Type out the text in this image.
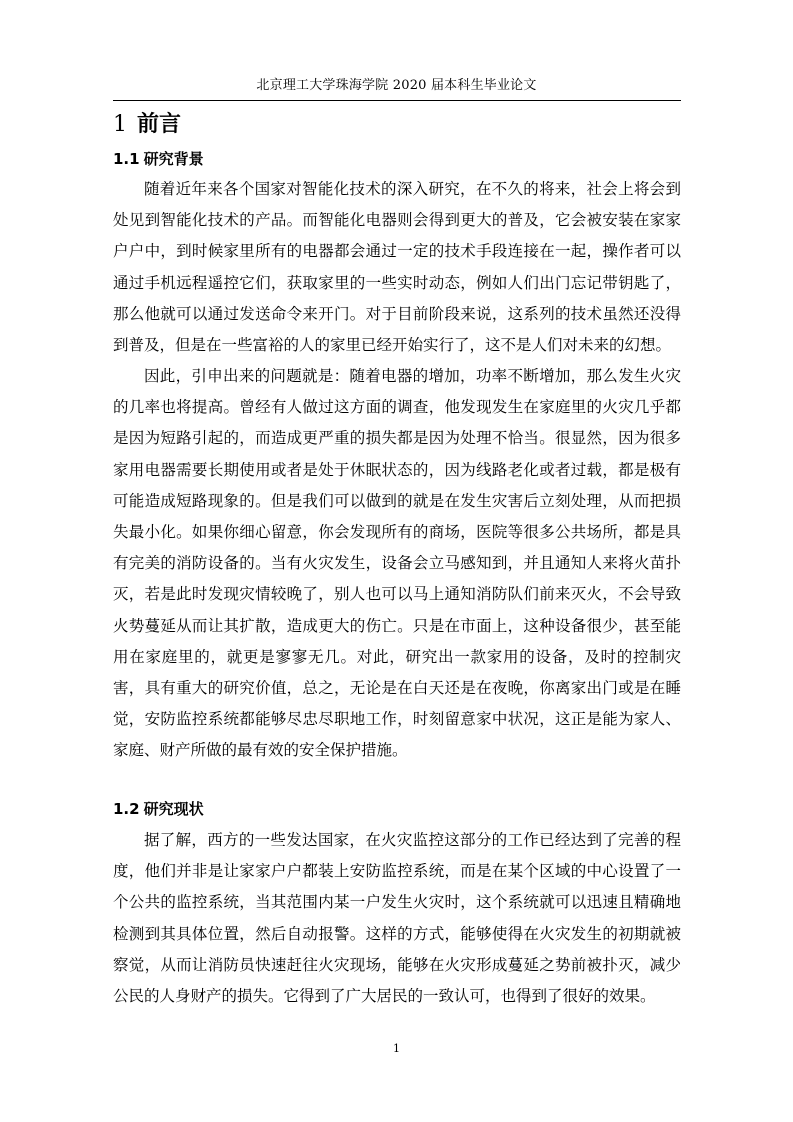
北京理工大学珠海学院 2020 届本科生毕业论文
1 前言
1.1 研究背景

随着近年来各个国家对智能化技术的深入研究，在不久的将来，社会上将会到处见到智能化技术的产品。而智能化电器则会得到更大的普及，它会被安装在家家户户中，到时候家里所有的电器都会通过一定的技术手段连接在一起，操作者可以通过手机远程遥控它们，获取家里的一些实时动态，例如人们出门忘记带钥匙了，那么他就可以通过发送命令来开门。对于目前阶段来说，这系列的技术虽然还没得到普及，但是在一些富裕的人的家里已经开始实行了，这不是人们对未来的幻想。

因此，引申出来的问题就是：随着电器的增加，功率不断增加，那么发生火灾的几率也将提高。曾经有人做过这方面的调查，他发现发生在家庭里的火灾几乎都是因为短路引起的，而造成更严重的损失都是因为处理不恰当。很显然，因为很多家用电器需要长期使用或者是处于休眠状态的，因为线路老化或者过载，都是极有可能造成短路现象的。但是我们可以做到的就是在发生灾害后立刻处理，从而把损失最小化。如果你细心留意，你会发现所有的商场，医院等很多公共场所，都是具有完美的消防设备的。当有火灾发生，设备会立马感知到，并且通知人来将火苗扑灭，若是此时发现灾情较晚了，别人也可以马上通知消防队们前来灭火，不会导致火势蔓延从而让其扩散，造成更大的伤亡。只是在市面上，这种设备很少，甚至能用在家庭里的，就更是寥寥无几。对此，研究出一款家用的设备，及时的控制灾害，具有重大的研究价值，总之，无论是在白天还是在夜晚，你离家出门或是在睡觉，安防监控系统都能够尽忠尽职地工作，时刻留意家中状况，这正是能为家人、家庭、财产所做的最有效的安全保护措施。

1.2 研究现状

据了解，西方的一些发达国家，在火灾监控这部分的工作已经达到了完善的程度，他们并非是让家家户户都装上安防监控系统，而是在某个区域的中心设置了一个公共的监控系统，当其范围内某一户发生火灾时，这个系统就可以迅速且精确地检测到其具体位置，然后自动报警。这样的方式，能够使得在火灾发生的初期就被察觉，从而让消防员快速赶往火灾现场，能够在火灾形成蔓延之势前被扑灭，减少公民的人身财产的损失。它得到了广大居民的一致认可，也得到了很好的效果。

1
